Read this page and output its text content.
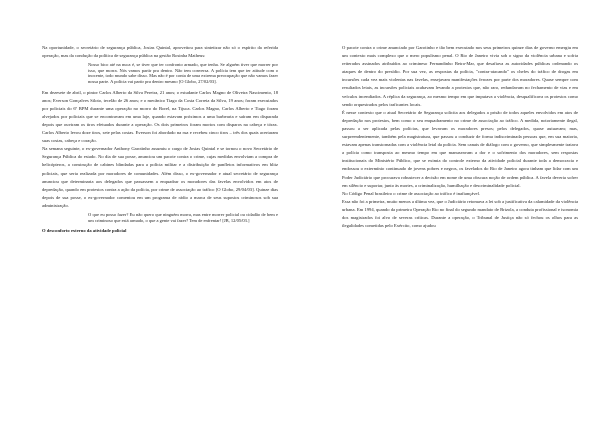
Na oportunidade, o secretário de segurança pública, Josias Quintal, aproveitou para sintetizar não só o espírito da referida operação, mas da condução da política de segurança pública na gestão Rosinha Matheus:

Nosso bico até na nuca é, se tiver que ter confronto armado, que tenha. Se alguém tiver que morrer por isso, que morra. Nós vamos partir pra dentro. Não tem conversa. A polícia tem que ter atitude com o inocente, todo mundo sabe disso. Mas não é por conta de uma extrema preocupação que não vamos fazer nossa parte. A polícia vai partir pra dentro mesmo [O Globo, 27/02/03].

Em dezesete de abril, o pintor Carlos Alberto da Silva Pereira, 21 anos; o estudante Carlos Magno de Oliveira Nascimento, 18 anos; Everson Gonçalves Siloto, tecelão de 26 anos; e o mecânico Tiago da Costa Correia da Silva, 19 anos; foram executados por policiais do 6º BPM durante uma operação no morro do Borel, na Tijuca. Carlos Magno, Carlos Alberto e Tiago foram alvejados por policiais que se encontravam em uma laje, quando estavam próximos a uma barbearia e saíram em disparada depois que ouviram os tiros efetuados durante a operação. Os dois primeiros foram mortos com disparos na cabeça e tórax. Carlos Alberto levou doze tiros, sete pelas costas. Everson foi abordado na rua e recebeu cinco tiros – três dos quais acertaram suas costas, cabeça e coração.

Na semana seguinte, o ex-governador Anthony Garotinho assumiu o cargo de Josias Quintal e se tornou o novo Secretário de Segurança Pública do estado. No dia de sua posse, anunciou um pacote contra o crime, cujas medidas envolviam a compra de helicópteros, a construção de cabines blindadas para a polícia militar e a distribuição de panfletos informativos em blitz policiais, que seria realizada por moradores de comunidades. Além disso, o ex-governador e atual secretário de segurança anunciou que determinaria aos delegados que passassem a enquadrar os moradores das favelas envolvidos em atos de depredação, quando em protestos contra a ação da polícia, por crime de associação ao tráfico [O Globo, 29/04/03]. Quinze dias depois de sua posse, o ex-governador comentou em um programa de rádio a marca de seus supostos criminosos sob sua administração.

O que eu posso fazer? Eu não quero que ninguém morra, mas entre morrer policial ou cidadão de bem e um criminoso que está armado, o que a gente vai fazer? Tem de enfrentar! [JB, 12/05/03.]

O desconforto externo da atividade policial

O pacote contra o crime anunciado por Garotinho e tão bem executado nos seus primeiros quinze dias de governo emergiu em um contexto mais complexo que o mero populismo penal. O Rio de Janeiro vivia sob o signo da violência urbana e sofria reiterados assinados atribuídos ao crimineso Fernandinho Beira-Mar, que desafiava as autoridades públicas ordenando os ataques de dentro do presídio. Por sua vez, as respostas da polícia, "contra-atacando" os chefes do tráfico de drogas em incursões cada vez mais violentas nas favelas, ensejavam manifestações ferozes por parte dos moradores. Quase sempre com resultados letais, as incursões policiais acabavam levando a protestos que, não raro, redundavam no fechamento de vias e em veículos incendiados. A réplica da segurança, ao mesmo tempo em que imputava a violência, desqualificava os protestos como sendo orquestrados pelos traficantes locais.

É nesse contexto que o atual Secretário de Segurança solicita aos delegados a prisão de todos aqueles envolvidos em atos de depredação nos protestos, bem como o seu enquadramento no crime de associação ao tráfico. A medida, notoriamente ilegal, passou a ser aplicada pelas polícias, que levavam os moradores presos; pelos delegados, quase autuavam; mas, surpreendentemente, também pela magistratura, que passou a conduzir de forma indiscriminada pessoas que, em sua maioria, estavam apenas transtornadas com a violência letal da polícia. Sem canais de diálogo com o governo, que simplesmente tratava a polícia como transposta ao mesmo tempo em que manuseavam a dor e o sofrimento dos moradores, sem respostas institucionais do Ministério Público, que se eximia do controle externo da atividade policial durante toda a democracia e endossou o extermínio continuado de jovens pobres e negros, os favelados do Rio de Janeiro agora tinham que lidar com um Poder Judiciário que procurava robustecer a decisão em nome de uma obscura noção de ordem pública. A favela deveria sofrer em silêncio e suportar, junto às mortes, a criminalização, humilhação e descriminalidade policial.

No Código Penal brasileiro o crime de associação ao tráfico é inafiançável.

Essa não foi a primeira, muito menos a última vez, que o Judiciário retomava a lei sob a justificativa da calamidade da violência urbana. Em 1994, quando da primeira Operação Rio no final do segundo mandato de Brizola, a conduta profissional e isonomia dos magistrados foi alvo de severas críticas. Durante a operação, o Tribunal de Justiça não só fechou os olhos para as ilegalidades cometidas pelo Exército, como ajudou
